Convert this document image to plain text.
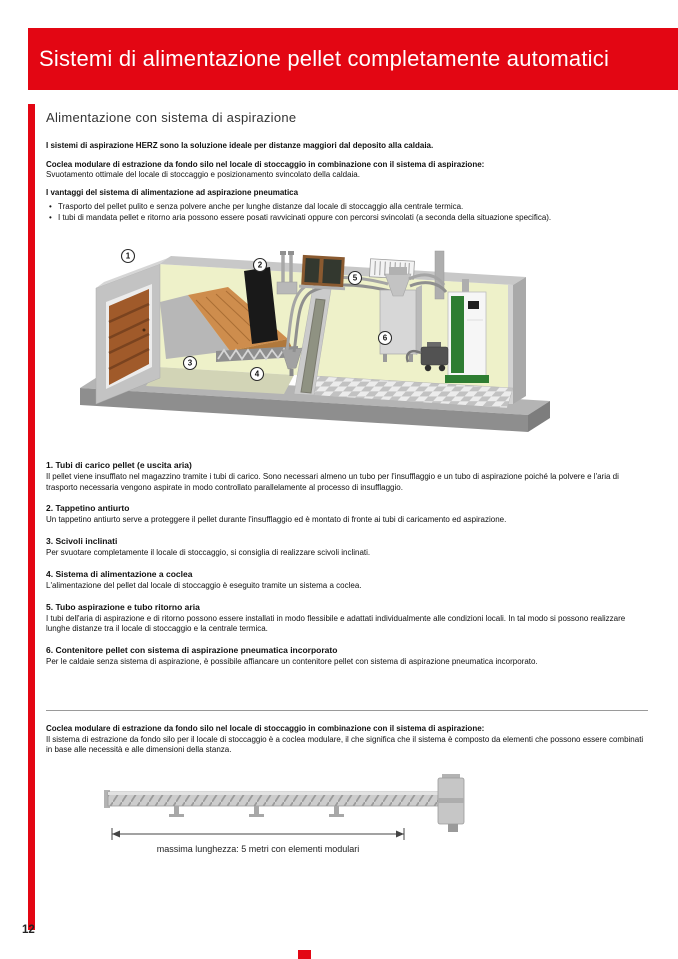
Sistemi di alimentazione pellet completamente automatici
Alimentazione con sistema di aspirazione

I sistemi di aspirazione HERZ sono la soluzione ideale per distanze maggiori dal deposito alla caldaia.

Coclea modulare di estrazione da fondo silo nel locale di stoccaggio in combinazione con il sistema di aspirazione:
Svuotamento ottimale del locale di stoccaggio e posizionamento svincolato della caldaia.

I vantaggi del sistema di alimentazione ad aspirazione pneumatica

• Trasporto del pellet pulito e senza polvere anche per lunghe distanze dal locale di stoccaggio alla centrale termica.
• I tubi di mandata pellet e ritorno aria possono essere posati ravvicinati oppure con percorsi svincolati (a seconda della situazione specifica).
1
2
3
4
5
6
1. Tubi di carico pellet (e uscita aria)

Il pellet viene insufflato nel magazzino tramite i tubi di carico. Sono necessari almeno un tubo per l'insufflaggio e un tubo di aspirazione poiché la polvere e l'aria di trasporto necessaria vengono aspirate in modo controllato parallelamente al processo di insufflaggio.

2. Tappetino antiurto

Un tappetino antiurto serve a proteggere il pellet durante l'insufflaggio ed è montato di fronte ai tubi di caricamento ed aspirazione.

3. Scivoli inclinati

Per svuotare completamente il locale di stoccaggio, si consiglia di realizzare scivoli inclinati.

4. Sistema di alimentazione a coclea

L'alimentazione del pellet dal locale di stoccaggio è eseguito tramite un sistema a coclea.

5. Tubo aspirazione e tubo ritorno aria

I tubi dell'aria di aspirazione e di ritorno possono essere installati in modo flessibile e adattati individualmente alle condizioni locali. In tal modo si possono realizzare lunghe distanze tra il locale di stoccaggio e la centrale termica.

6. Contenitore pellet con sistema di aspirazione pneumatica incorporato

Per le caldaie senza sistema di aspirazione, è possibile affiancare un contenitore pellet con sistema di aspirazione pneumatica incorporato.

Coclea modulare di estrazione da fondo silo nel locale di stoccaggio in combinazione con il sistema di aspirazione:

Il sistema di estrazione da fondo silo per il locale di stoccaggio è a coclea modulare, il che significa che il sistema è composto da elementi che possono essere combinati in base alle necessità e alle dimensioni della stanza.

massima lunghezza: 5 metri con elementi modulari
12
